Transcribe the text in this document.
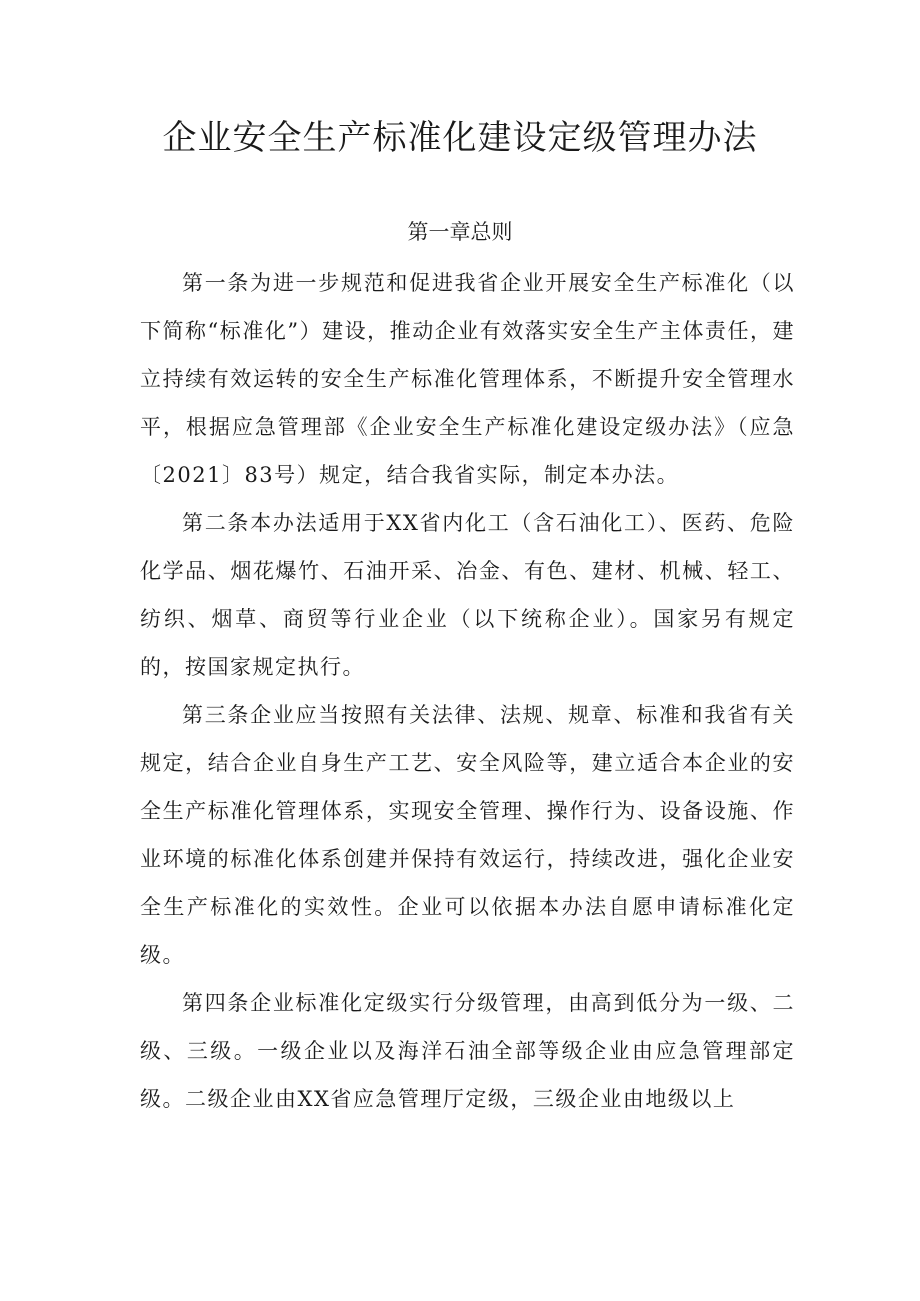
企业安全生产标准化建设定级管理办法
第一章总则

第一条为进一步规范和促进我省企业开展安全生产标准化（以下简称“标准化”）建设，推动企业有效落实安全生产主体责任，建立持续有效运转的安全生产标准化管理体系，不断提升安全管理水平，根据应急管理部《企业安全生产标准化建设定级办法》（应急〔2021〕83号）规定，结合我省实际，制定本办法。

第二条本办法适用于XX省内化工（含石油化工）、医药、危险化学品、烟花爆竹、石油开采、冶金、有色、建材、机械、轻工、纺织、烟草、商贸等行业企业（以下统称企业）。国家另有规定的，按国家规定执行。

第三条企业应当按照有关法律、法规、规章、标准和我省有关规定，结合企业自身生产工艺、安全风险等，建立适合本企业的安全生产标准化管理体系，实现安全管理、操作行为、设备设施、作业环境的标准化体系创建并保持有效运行，持续改进，强化企业安全生产标准化的实效性。企业可以依据本办法自愿申请标准化定级。

第四条企业标准化定级实行分级管理，由高到低分为一级、二级、三级。一级企业以及海洋石油全部等级企业由应急管理部定级。二级企业由XX省应急管理厅定级，三级企业由地级以上
